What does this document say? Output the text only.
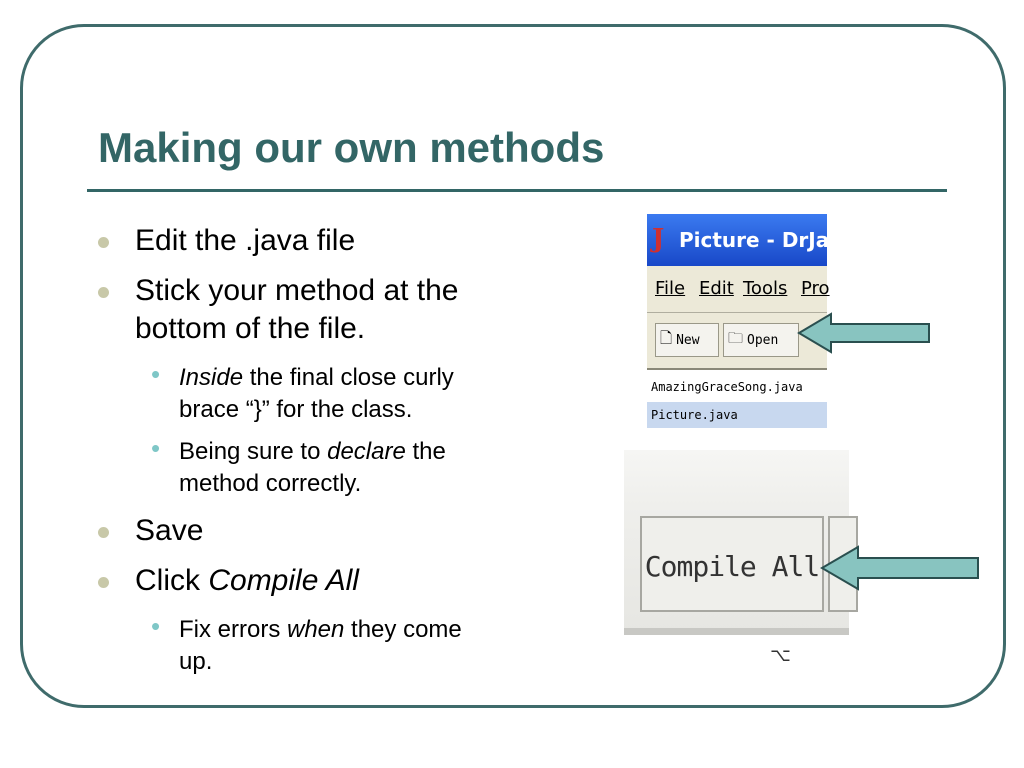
Making our own methods
Edit the .java file
Stick your method at the
bottom of the file.
• Inside the final close curly
brace “}” for the class.
• Being sure to declare the
method correctly.
Save
Click Compile All
• Fix errors when they come
up.
J Picture - DrJava
File Edit Tools Pro
🗋 New 🗀 Open
AmazingGraceSong.java
Picture.java
Compile All
⌥
